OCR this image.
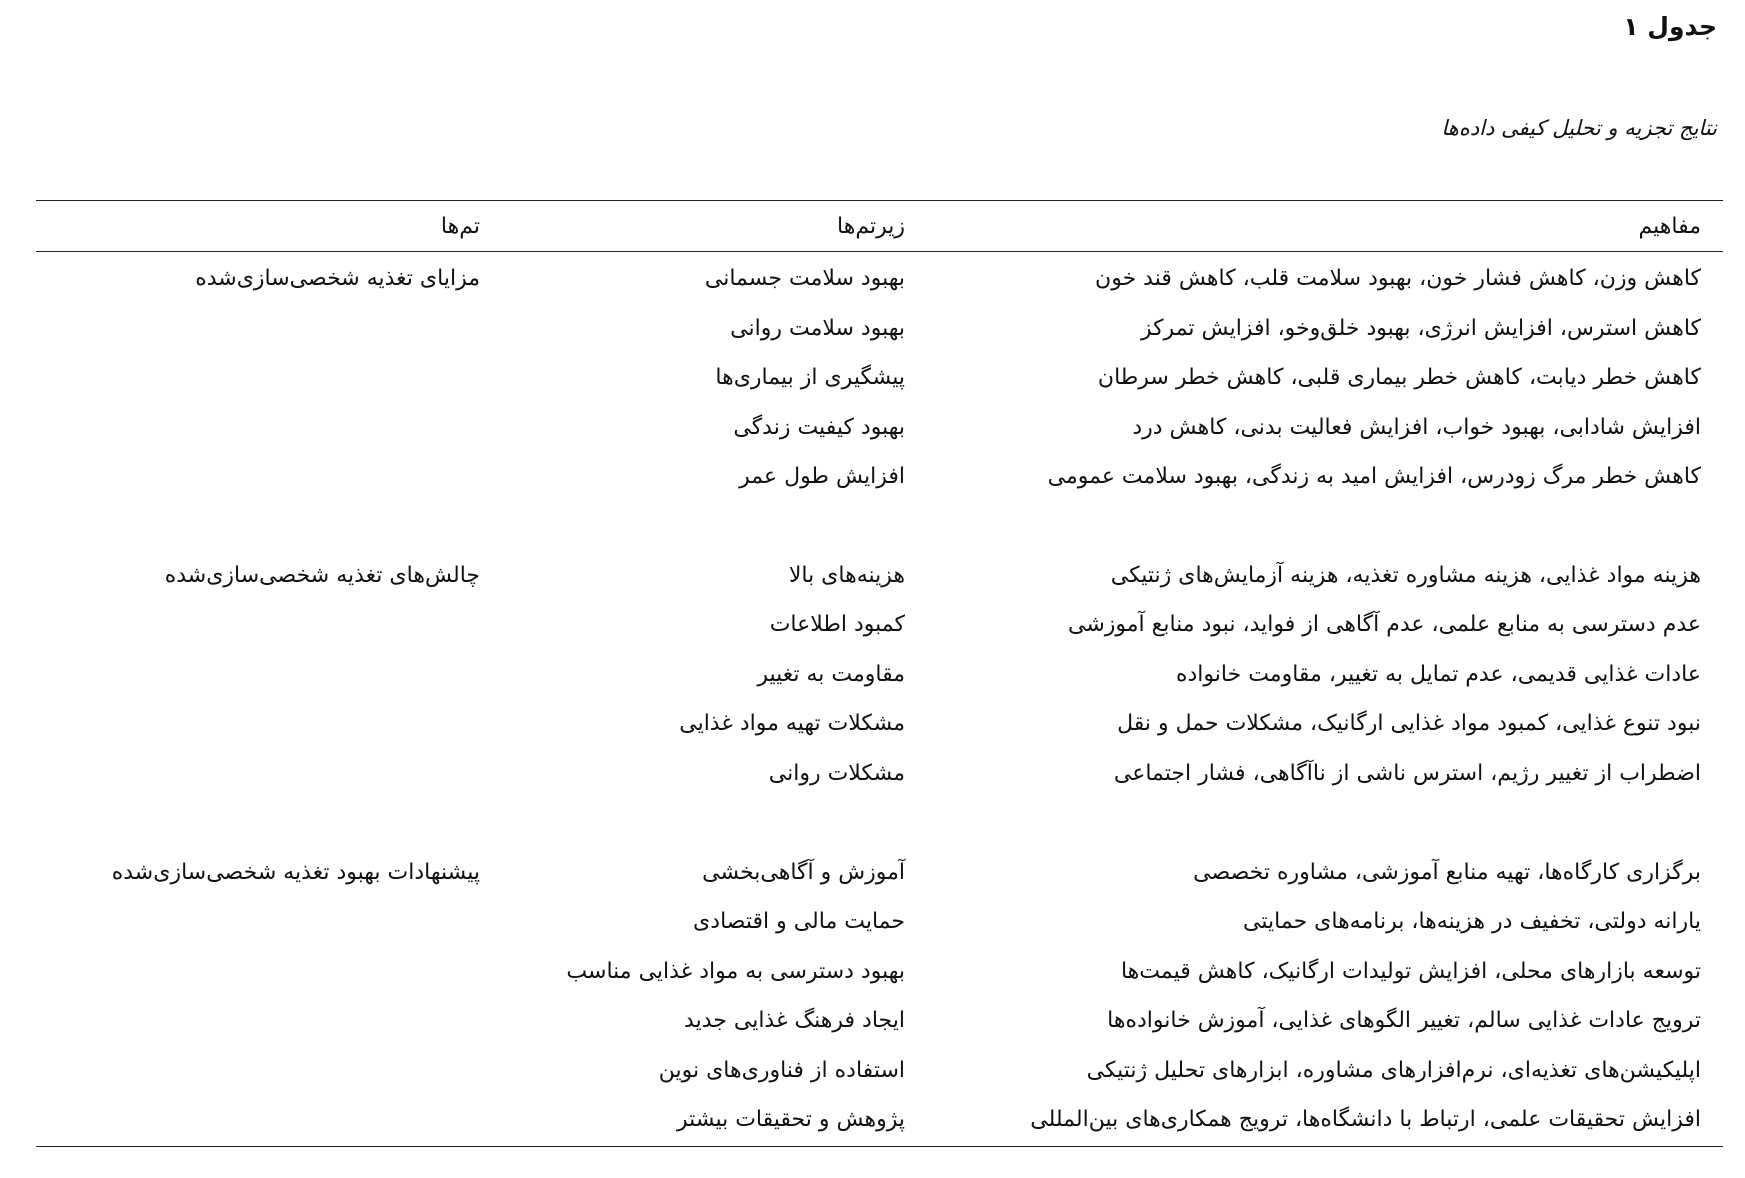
جدول ۱

نتایج تجزیه و تحلیل کیفی داده‌ها

مفاهیم
زیرتم‌ها
تم‌ها
کاهش وزن، کاهش فشار خون، بهبود سلامت قلب، کاهش قند خون
بهبود سلامت جسمانی
مزایای تغذیه شخصی‌سازی‌شده
کاهش استرس، افزایش انرژی، بهبود خلق‌وخو، افزایش تمرکز
بهبود سلامت روانی
کاهش خطر دیابت، کاهش خطر بیماری قلبی، کاهش خطر سرطان
پیشگیری از بیماری‌ها
افزایش شادابی، بهبود خواب، افزایش فعالیت بدنی، کاهش درد
بهبود کیفیت زندگی
کاهش خطر مرگ زودرس، افزایش امید به زندگی، بهبود سلامت عمومی
افزایش طول عمر
هزینه مواد غذایی، هزینه مشاوره تغذیه، هزینه آزمایش‌های ژنتیکی
هزینه‌های بالا
چالش‌های تغذیه شخصی‌سازی‌شده
عدم دسترسی به منابع علمی، عدم آگاهی از فواید، نبود منابع آموزشی
کمبود اطلاعات
عادات غذایی قدیمی، عدم تمایل به تغییر، مقاومت خانواده
مقاومت به تغییر
نبود تنوع غذایی، کمبود مواد غذایی ارگانیک، مشکلات حمل و نقل
مشکلات تهیه مواد غذایی
اضطراب از تغییر رژیم، استرس ناشی از ناآگاهی، فشار اجتماعی
مشکلات روانی
برگزاری کارگاه‌ها، تهیه منابع آموزشی، مشاوره تخصصی
آموزش و آگاهی‌بخشی
پیشنهادات بهبود تغذیه شخصی‌سازی‌شده
یارانه دولتی، تخفیف در هزینه‌ها، برنامه‌های حمایتی
حمایت مالی و اقتصادی
توسعه بازارهای محلی، افزایش تولیدات ارگانیک، کاهش قیمت‌ها
بهبود دسترسی به مواد غذایی مناسب
ترویج عادات غذایی سالم، تغییر الگوهای غذایی، آموزش خانواده‌ها
ایجاد فرهنگ غذایی جدید
اپلیکیشن‌های تغذیه‌ای، نرم‌افزارهای مشاوره، ابزارهای تحلیل ژنتیکی
استفاده از فناوری‌های نوین
افزایش تحقیقات علمی، ارتباط با دانشگاه‌ها، ترویج همکاری‌های بین‌المللی
پژوهش و تحقیقات بیشتر
